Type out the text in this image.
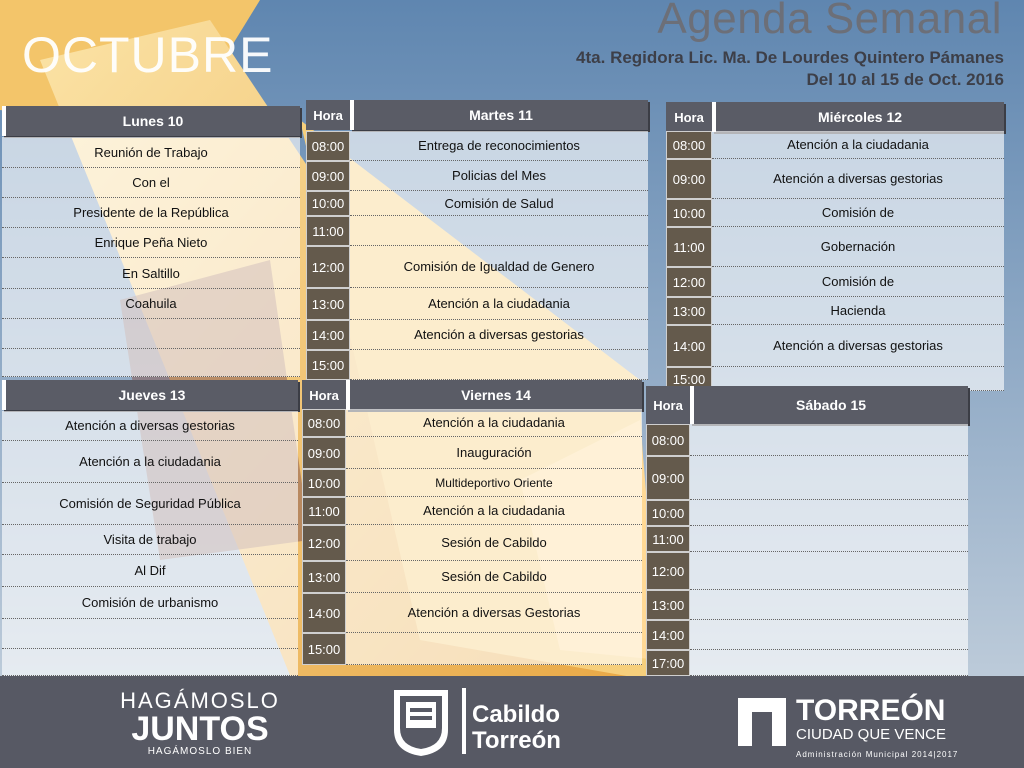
Agenda Semanal
OCTUBRE	4ta. Regidora Lic. Ma. De Lourdes Quintero Pámanes
Del 10 al 15 de Oct. 2016
Lunes 10
Reunión de Trabajo
Con el
Presidente de la República
Enrique Peña Nieto
En Saltillo
Coahuila
Hora	Martes 11
08:00	Entrega de reconocimientos
09:00	Policias del Mes
10:00	Comisión de Salud
11:00
12:00	Comisión de Igualdad de Genero
13:00	Atención a la ciudadania
14:00	Atención a diversas gestorias
15:00
Hora	Miércoles 12
08:00	Atención a la ciudadania
09:00	Atención a diversas gestorias
10:00	Comisión de
11:00	Gobernación
12:00	Comisión de
13:00	Hacienda
14:00	Atención a diversas gestorias
15:00
Jueves 13
Atención a diversas gestorias
Atención a la ciudadania
Comisión de Seguridad Pública
Visita de trabajo
Al Dif
Comisión de urbanismo
Hora	Viernes 14
08:00	Atención a la ciudadania
09:00	Inauguración
10:00	Multideportivo Oriente
11:00	Atención a la ciudadania
12:00	Sesión de Cabildo
13:00	Sesión de Cabildo
14:00	Atención a diversas Gestorias
15:00
Hora	Sábado 15
08:00
09:00
10:00
11:00
12:00
13:00
14:00
17:00
HAGÁMOSLO
JUNTOS
HAGÁMOSLO BIEN
Cabildo
Torreón
TORREÓN
CIUDAD QUE VENCE
Administración Municipal 2014|2017
